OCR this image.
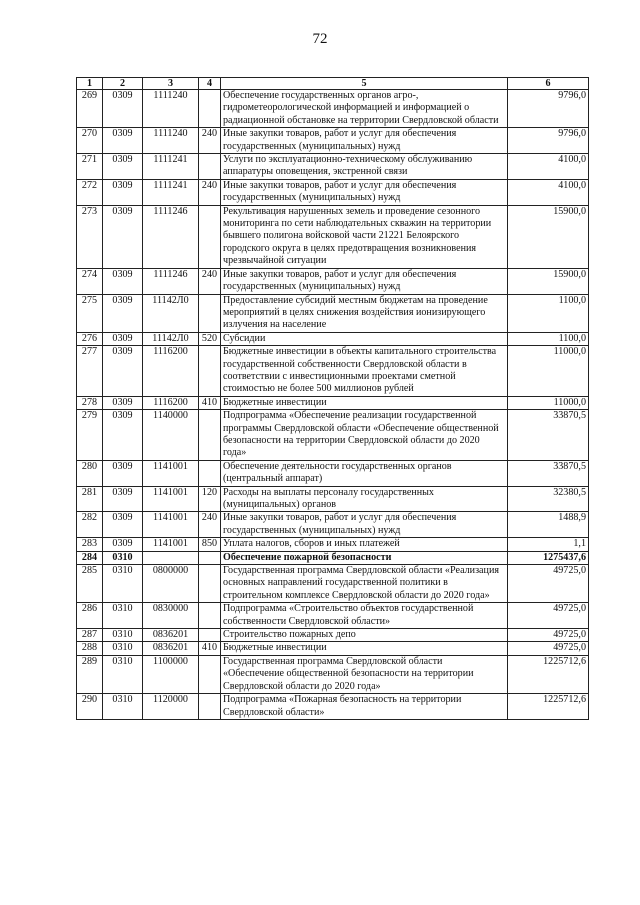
72
1	2	3	4	5	6
269	0309	1111240		Обеспечение государственных органов агро-, гидрометеорологической информацией и информацией о радиационной обстановке на территории Свердловской области	9796,0
270	0309	1111240	240	Иные закупки товаров, работ и услуг для обеспечения государственных (муниципальных) нужд	9796,0
271	0309	1111241		Услуги по эксплуатационно-техническому обслуживанию аппаратуры оповещения, экстренной связи	4100,0
272	0309	1111241	240	Иные закупки товаров, работ и услуг для обеспечения государственных (муниципальных) нужд	4100,0
273	0309	1111246		Рекультивация нарушенных земель и проведение сезонного мониторинга по сети наблюдательных скважин на территории бывшего полигона войсковой части 21221 Белоярского городского округа в целях предотвращения возникновения чрезвычайной ситуации	15900,0
274	0309	1111246	240	Иные закупки товаров, работ и услуг для обеспечения государственных (муниципальных) нужд	15900,0
275	0309	11142Л0		Предоставление субсидий местным бюджетам на проведение мероприятий в целях снижения воздействия ионизирующего излучения на население	1100,0
276	0309	11142Л0	520	Субсидии	1100,0
277	0309	1116200		Бюджетные инвестиции в объекты капитального строительства государственной собственности Свердловской области в соответствии с инвестиционными проектами сметной стоимостью не более 500 миллионов рублей	11000,0
278	0309	1116200	410	Бюджетные инвестиции	11000,0
279	0309	1140000		Подпрограмма «Обеспечение реализации государственной программы Свердловской области «Обеспечение общественной безопасности на территории Свердловской области до 2020 года»	33870,5
280	0309	1141001		Обеспечение деятельности государственных органов (центральный аппарат)	33870,5
281	0309	1141001	120	Расходы на выплаты персоналу государственных (муниципальных) органов	32380,5
282	0309	1141001	240	Иные закупки товаров, работ и услуг для обеспечения государственных (муниципальных) нужд	1488,9
283	0309	1141001	850	Уплата налогов, сборов и иных платежей	1,1
284	0310			Обеспечение пожарной безопасности	1275437,6
285	0310	0800000		Государственная программа Свердловской области «Реализация основных направлений государственной политики в строительном комплексе Свердловской области до 2020 года»	49725,0
286	0310	0830000		Подпрограмма «Строительство объектов государственной собственности Свердловской области»	49725,0
287	0310	0836201		Строительство пожарных депо	49725,0
288	0310	0836201	410	Бюджетные инвестиции	49725,0
289	0310	1100000		Государственная программа Свердловской области «Обеспечение общественной безопасности на территории Свердловской области до 2020 года»	1225712,6
290	0310	1120000		Подпрограмма «Пожарная безопасность на территории Свердловской области»	1225712,6
